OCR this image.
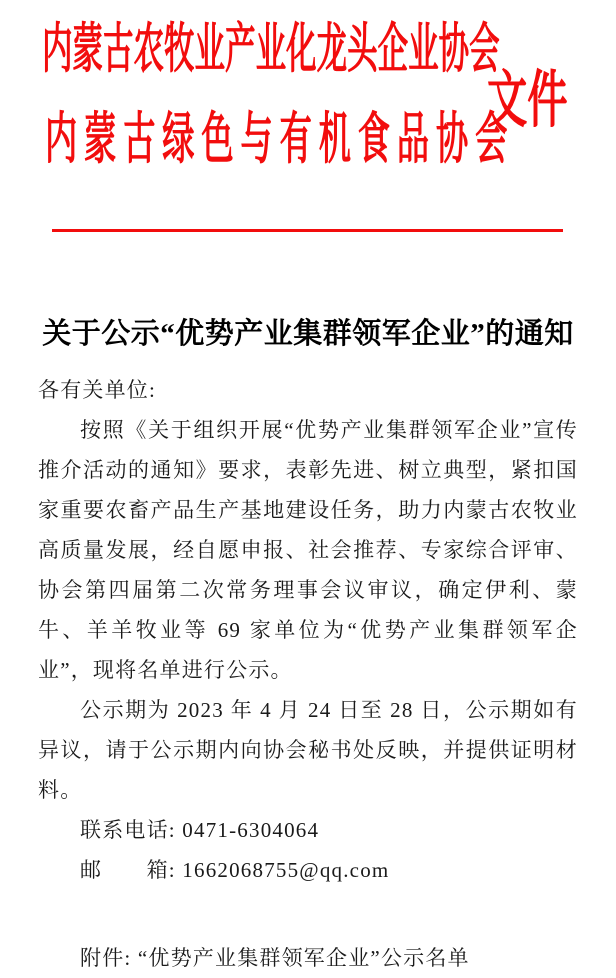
内蒙古农牧业产业化龙头企业协会
文件
内蒙古绿色与有机食品协会
关于公示“优势产业集群领军企业”的通知

各有关单位:

按照《关于组织开展“优势产业集群领军企业”宣传推介活动的通知》要求，表彰先进、树立典型，紧扣国家重要农畜产品生产基地建设任务，助力内蒙古农牧业高质量发展，经自愿申报、社会推荐、专家综合评审、协会第四届第二次常务理事会议审议，确定伊利、蒙牛、羊羊牧业等 69 家单位为“优势产业集群领军企业”，现将名单进行公示。

公示期为 2023 年 4 月 24 日至 28 日，公示期如有异议，请于公示期内向协会秘书处反映，并提供证明材料。

联系电话: 0471-6304064

邮　　箱: 1662068755@qq.com

附件: “优势产业集群领军企业”公示名单
